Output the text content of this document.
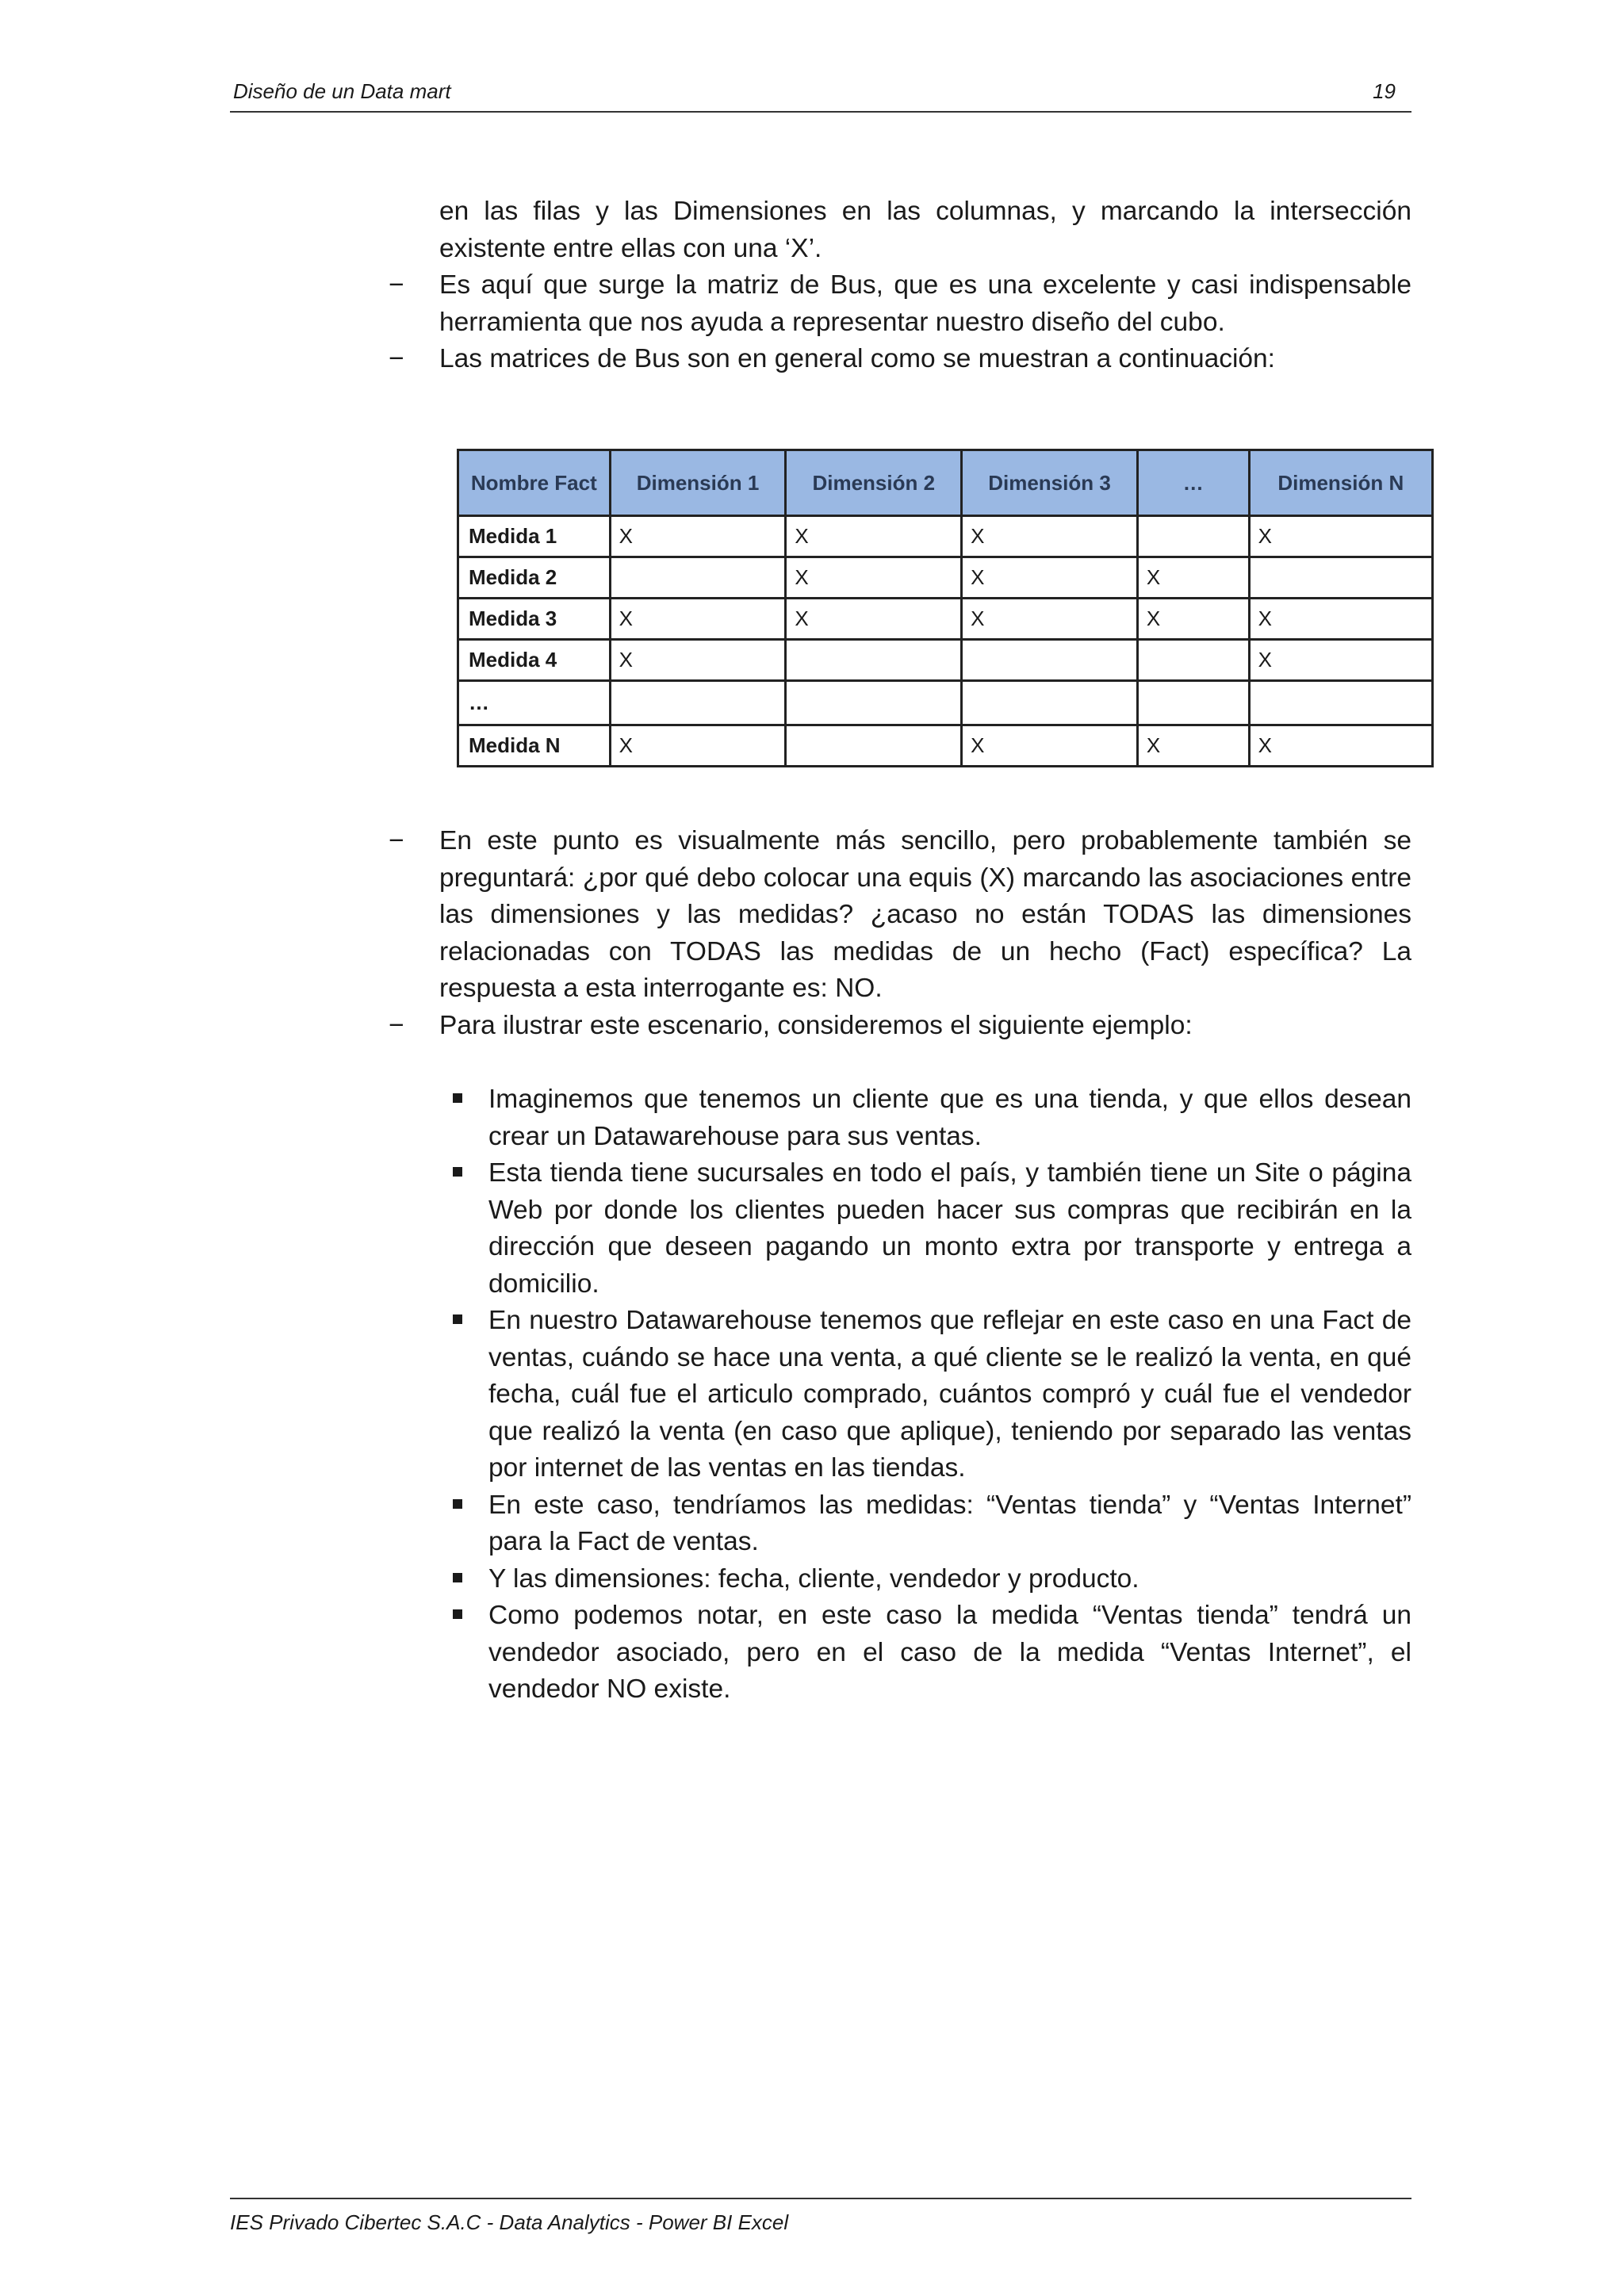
Diseño de un Data mart	19
en las filas y las Dimensiones en las columnas, y marcando la intersección existente entre ellas con una ‘X’.
− Es aquí que surge la matriz de Bus, que es una excelente y casi indispensable herramienta que nos ayuda a representar nuestro diseño del cubo.
− Las matrices de Bus son en general como se muestran a continuación:
Nombre Fact	Dimensión 1	Dimensión 2	Dimensión 3	…	Dimensión N
Medida 1	X	X	X		X
Medida 2		X	X	X	
Medida 3	X	X	X	X	X
Medida 4	X				X
…					
Medida N	X		X	X	X
− En este punto es visualmente más sencillo, pero probablemente también se preguntará: ¿por qué debo colocar una equis (X) marcando las asociaciones entre las dimensiones y las medidas? ¿acaso no están TODAS las dimensiones relacionadas con TODAS las medidas de un hecho (Fact) específica? La respuesta a esta interrogante es: NO.
− Para ilustrar este escenario, consideremos el siguiente ejemplo:
Imaginemos que tenemos un cliente que es una tienda, y que ellos desean crear un Datawarehouse para sus ventas.
Esta tienda tiene sucursales en todo el país, y también tiene un Site o página Web por donde los clientes pueden hacer sus compras que recibirán en la dirección que deseen pagando un monto extra por transporte y entrega a domicilio.
En nuestro Datawarehouse tenemos que reflejar en este caso en una Fact de ventas, cuándo se hace una venta, a qué cliente se le realizó la venta, en qué fecha, cuál fue el articulo comprado, cuántos compró y cuál fue el vendedor que realizó la venta (en caso que aplique), teniendo por separado las ventas por internet de las ventas en las tiendas.
En este caso, tendríamos las medidas: “Ventas tienda” y “Ventas Internet” para la Fact de ventas.
Y las dimensiones: fecha, cliente, vendedor y producto.
Como podemos notar, en este caso la medida “Ventas tienda” tendrá un vendedor asociado, pero en el caso de la medida “Ventas Internet”, el vendedor NO existe.
IES Privado Cibertec S.A.C - Data Analytics - Power BI Excel
